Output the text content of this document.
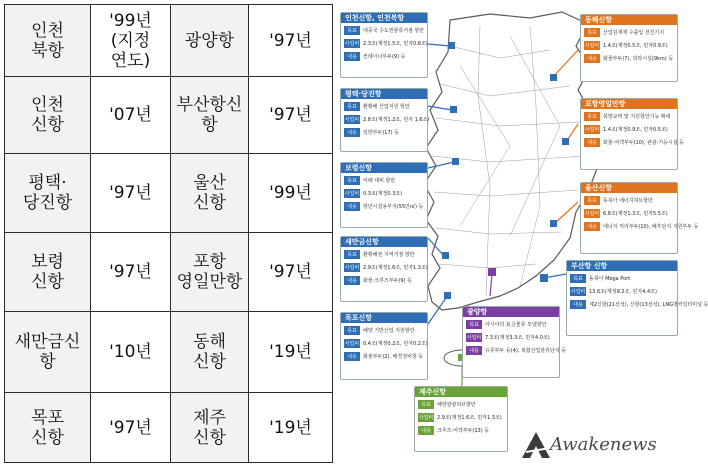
인천
북항	'99년
(지정
연도)	광양항	'97년

인천
신항	'07년	부산항신
항	'97년

평택·
당진항	'97년	울산
신항	'99년

보령
신항	'97년	포항
영일만항	'97년

새만금신
항	'10년	동해
신항	'19년

목포
신항	'97년	제주
신항	'19년
인천신항, 인천북항
목표	대중국 수도권물류거점 항만
사업비 2.3조(재정1.5조, 민자0.8조)
내용	컨테이너부두(9) 등
평택·당진항
목표	환황해 산업지원 항만
사업비 2.8조(재정1.2조, 민자 1.6조)
내용	일반부두(17) 등
보령신항
목표	미래 대비 항만
사업비 0.3조(재정0.3조)
내용	항만시설용부지(55만㎡) 등
새만금신항
목표	환황해권 지역거점 항만
사업비 2.9조(재정1.6조, 민자1.3조)
내용	화물·크루즈부두(9) 등
목포신항
목표	해양 기반산업 지원항만
사업비 0.4조(재정0.2조, 민자0.2조)
내용	화물부두(2), 해경정비창 등
제주신항
목표	해양관광허브항만
사업비 2.9조(재정1.6조, 민자1.3조)
내용	크루즈·여객부두(13) 등
광양항
목표	아시아의 复合물류 모델항만
사업비 7.3조(재정3.3조, 민자4.0조)
내용	유류부두 등(4), 복합산업물류단지 등
동해신항
목표	산업원재재 수출입 전진기지
사업비 1.4조(재정0.5조, 민자0.9조)
내용	화물부두(7), 외곽시설(9km) 등
포항영일만항
목표	북방교역 및 지원항만기능 확대
사업비 1.4조(재정0.9조, 민자0.5조)
내용	화물·여객부두(10), 관광·기능시설 등
울산신항
목표	동북아 에너지허브항만
사업비 6.8조(재정1.3조, 민자5.5조)
내용	에너지 처리부두(10), 배후단지 지원부두 등
부산항 신항
목표	동북아 Mega Port
사업비 13.6조(재정9.2조, 민자4.4조)
내용	제2신항(21선석), 신항(13선석), LNG벙커링터미널 등
Awakenews
